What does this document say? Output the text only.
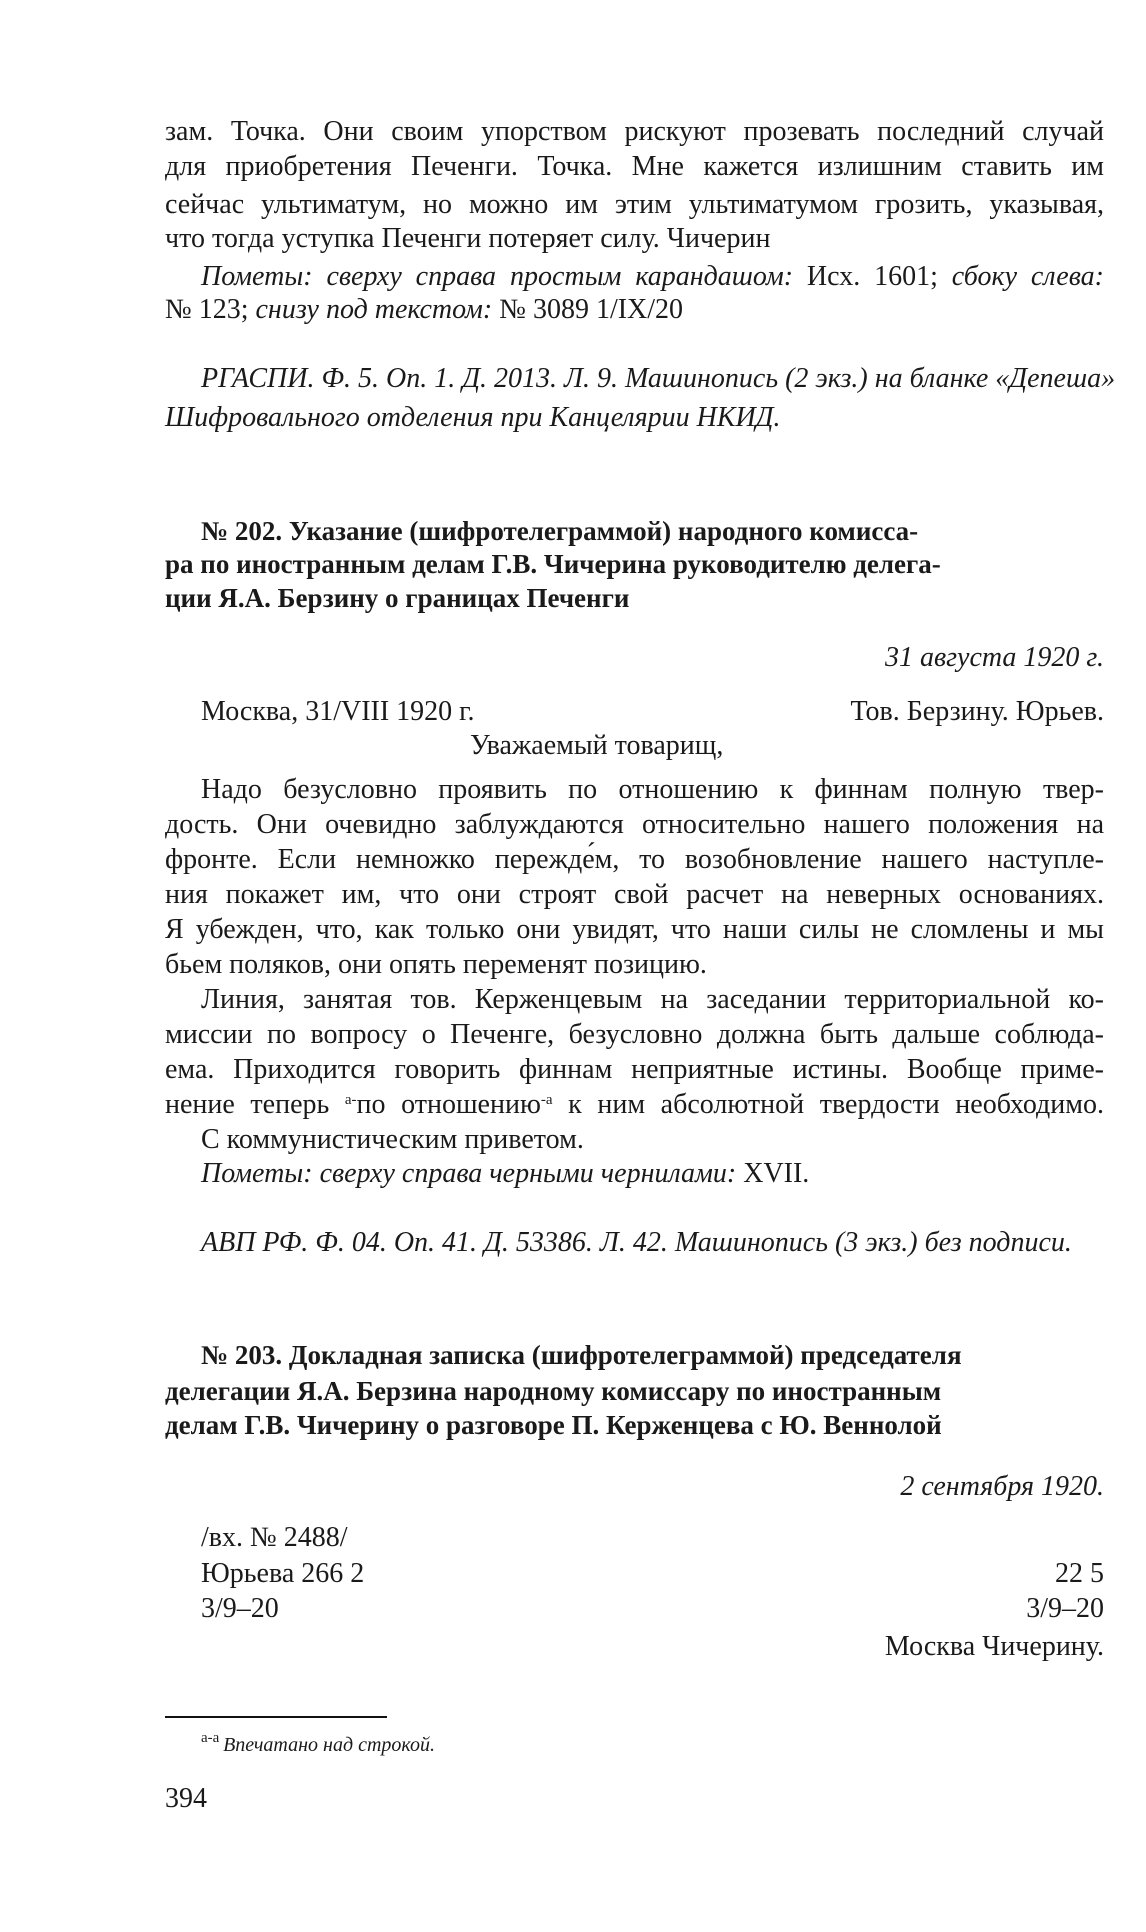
зам. Точка. Они своим упорством рискуют прозевать последний случай
для приобретения Печенги. Точка. Мне кажется излишним ставить им
сейчас ультиматум, но можно им этим ультиматумом грозить, указывая,
что тогда уступка Печенги потеряет силу. Чичерин
Пометы: сверху справа простым карандашом: Исх. 1601; сбоку слева:
№ 123; снизу под текстом: № 3089 1/IX/20
РГАСПИ. Ф. 5. Оп. 1. Д. 2013. Л. 9. Машинопись (2 экз.) на бланке «Депеша»
Шифровального отделения при Канцелярии НКИД.
№ 202. Указание (шифротелеграммой) народного комисса-
ра по иностранным делам Г.В. Чичерина руководителю делега-
ции Я.А. Берзину о границах Печенги
31 августа 1920 г.
Москва, 31/VIII 1920 г.	Тов. Берзину. Юрьев.
Уважаемый товарищ,
Надо безусловно проявить по отношению к финнам полную твер-
дость. Они очевидно заблуждаются относительно нашего положения на
фронте. Если немножко пережде́м, то возобновление нашего наступле-
ния покажет им, что они строят свой расчет на неверных основаниях.
Я убежден, что, как только они увидят, что наши силы не сломлены и мы
бьем поляков, они опять переменят позицию.
Линия, занятая тов. Керженцевым на заседании территориальной ко-
миссии по вопросу о Печенге, безусловно должна быть дальше соблюда-
ема. Приходится говорить финнам неприятные истины. Вообще приме-
нение теперь $^{а-}$по отношению$^{-а}$ к ним абсолютной твердости необходимо.
С коммунистическим приветом.
Пометы: сверху справа черными чернилами: XVII.
АВП РФ. Ф. 04. Оп. 41. Д. 53386. Л. 42. Машинопись (3 экз.) без подписи.
№ 203. Докладная записка (шифротелеграммой) председателя
делегации Я.А. Берзина народному комиссару по иностранным
делам Г.В. Чичерину о разговоре П. Керженцева с Ю. Веннолой
2 сентября 1920.
/вх. № 2488/
Юрьева 266 2	22 5
3/9–20	3/9–20
Москва Чичерину.
$^{а-а}$ Впечатано над строкой.
394
